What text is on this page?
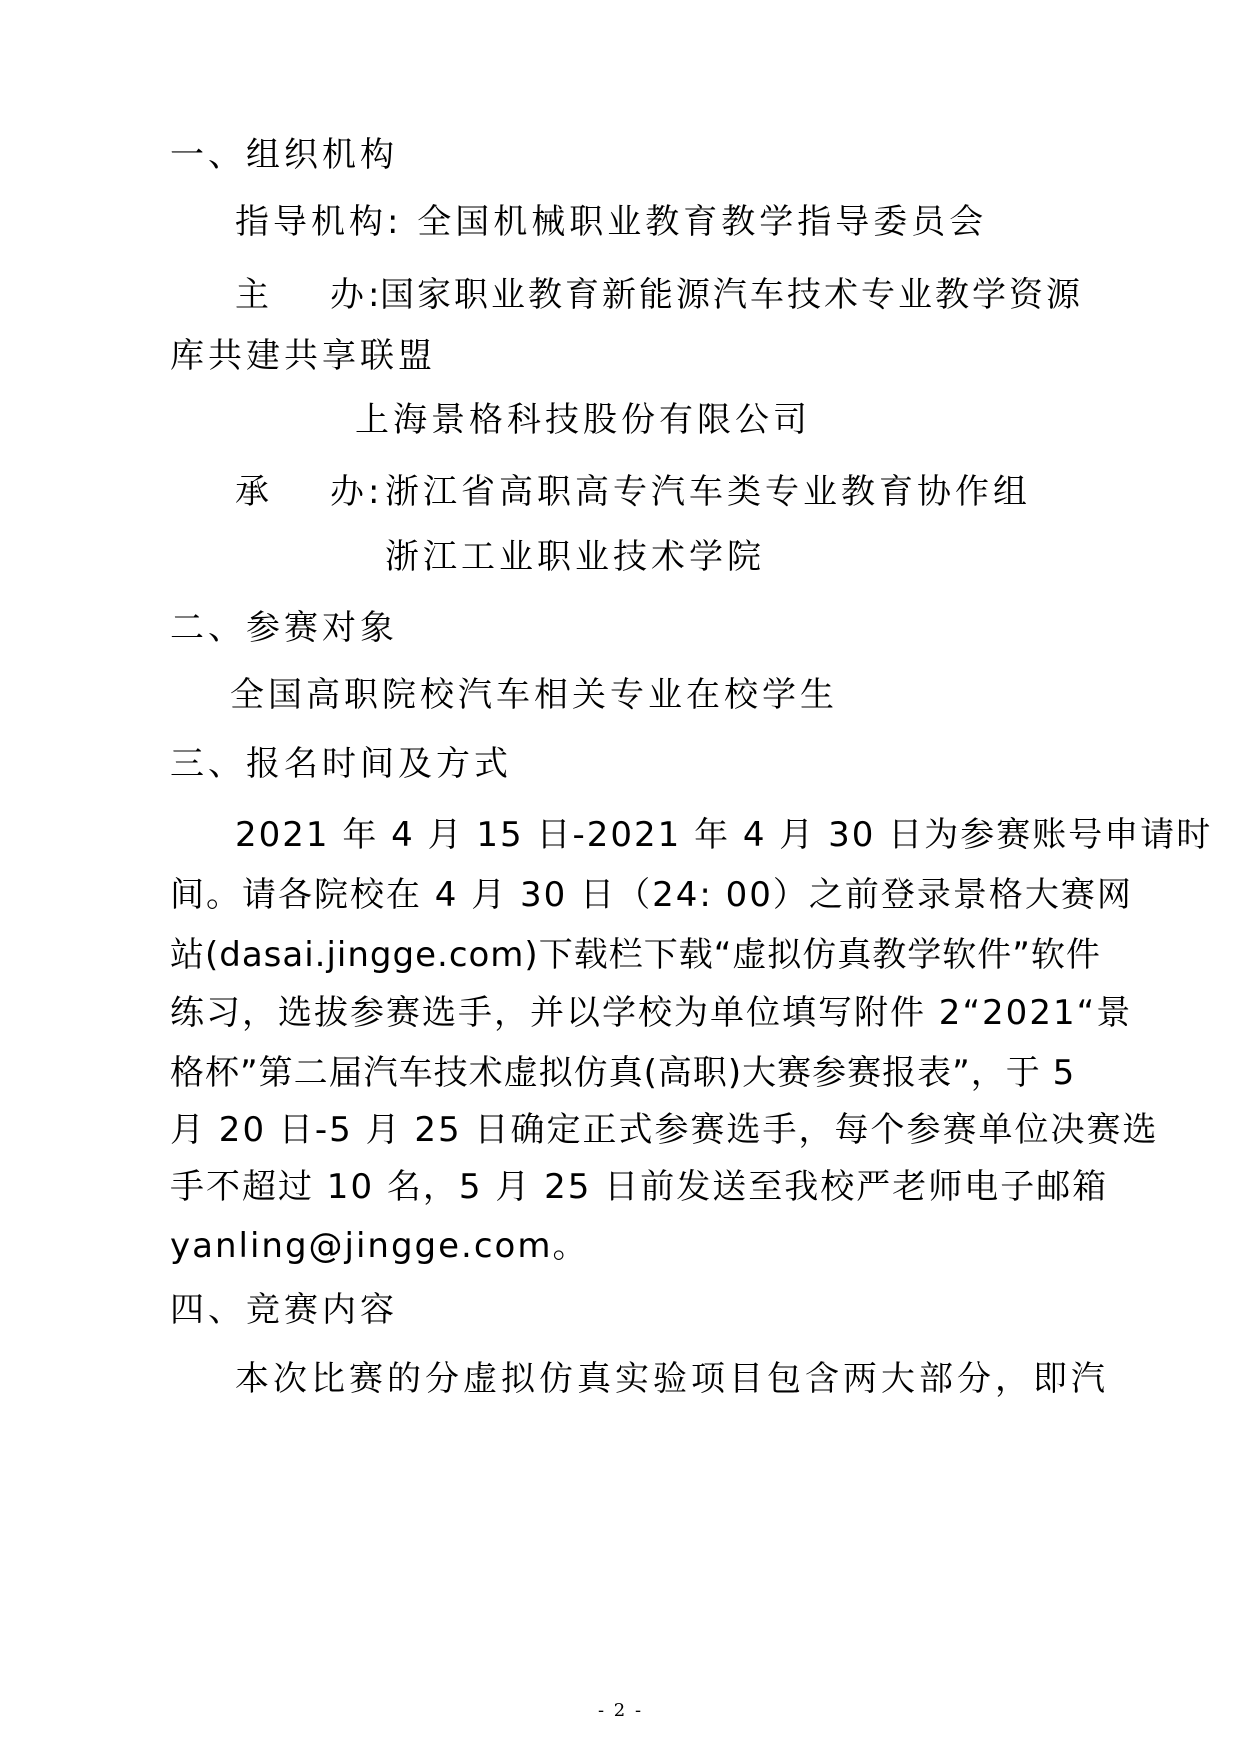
一、组织机构
指导机构: 全国机械职业教育教学指导委员会
主 办:
国家职业教育新能源汽车技术专业教学资源
库共建共享联盟
上海景格科技股份有限公司
承 办: 浙江省高职高专汽车类专业教育协作组
浙江工业职业技术学院
二、参赛对象
全国高职院校汽车相关专业在校学生
三、报名时间及方式
2021 年 4 月 15 日-2021 年 4 月 30 日为参赛账号申请时
间。请各院校在 4 月 30 日（24: 00）之前登录景格大赛网
站(dasai.jingge.com)下载栏下载“虚拟仿真教学软件”软件
练习，选拔参赛选手，并以学校为单位填写附件 2“2021“景
格杯”第二届汽车技术虚拟仿真(高职)大赛参赛报表”，于 5
月 20 日-5 月 25 日确定正式参赛选手，每个参赛单位决赛选
手不超过 10 名，5 月 25 日前发送至我校严老师电子邮箱
yanling@jingge.com。
四、竞赛内容
本次比赛的分虚拟仿真实验项目包含两大部分，即汽
- 2 -
